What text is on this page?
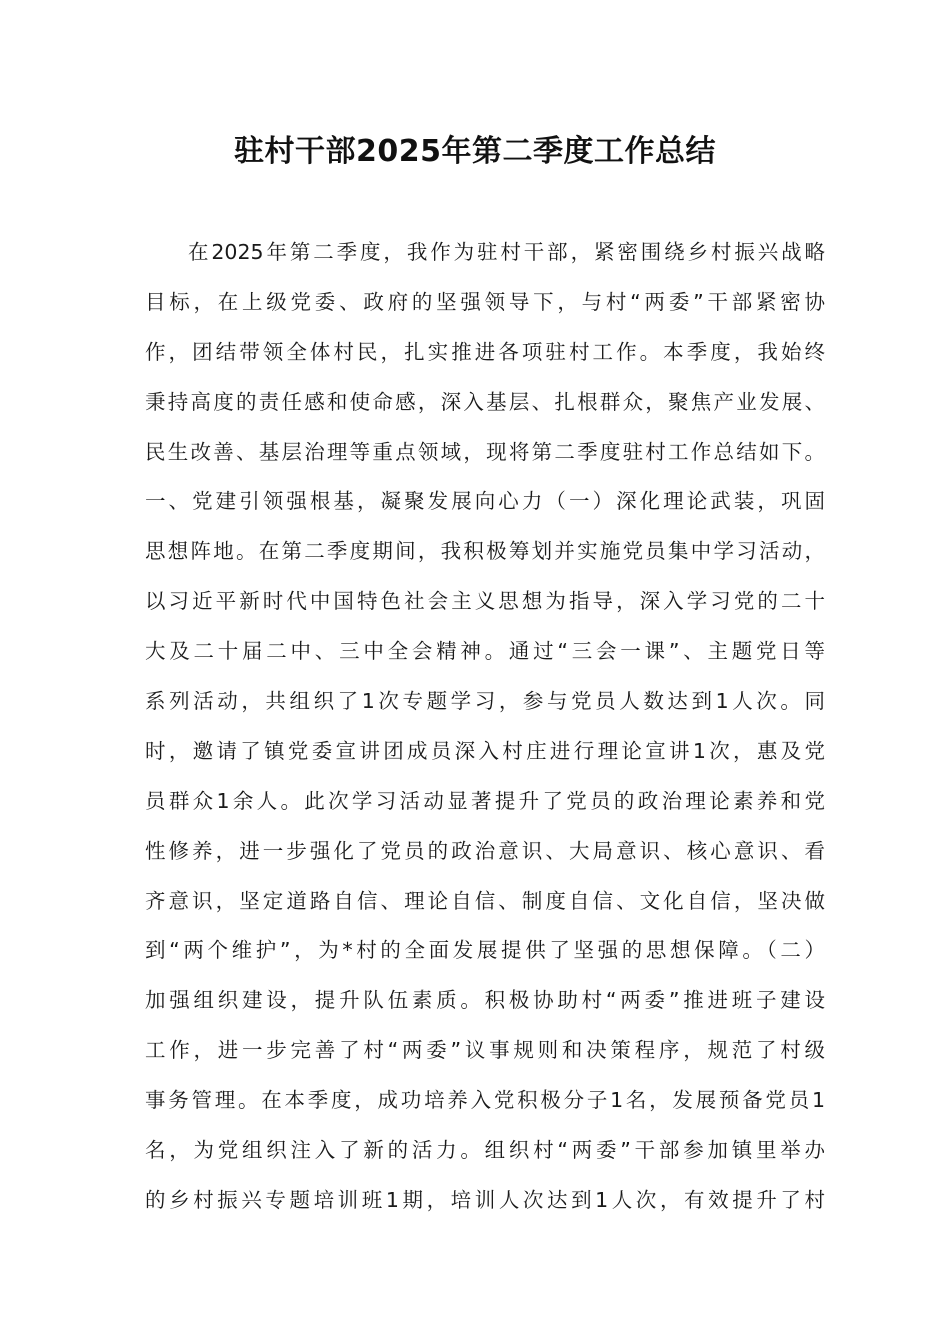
驻村干部2025年第二季度工作总结
在2025年第二季度，我作为驻村干部，紧密围绕乡村振兴战略
目标，在上级党委、政府的坚强领导下，与村“两委”干部紧密协
作，团结带领全体村民，扎实推进各项驻村工作。本季度，我始终
秉持高度的责任感和使命感，深入基层、扎根群众，聚焦产业发展、
民生改善、基层治理等重点领域，现将第二季度驻村工作总结如下。
一、党建引领强根基，凝聚发展向心力（一）深化理论武装，巩固
思想阵地。在第二季度期间，我积极筹划并实施党员集中学习活动，
以习近平新时代中国特色社会主义思想为指导，深入学习党的二十
大及二十届二中、三中全会精神。通过“三会一课”、主题党日等
系列活动，共组织了1次专题学习，参与党员人数达到1人次。同
时，邀请了镇党委宣讲团成员深入村庄进行理论宣讲1次，惠及党
员群众1余人。此次学习活动显著提升了党员的政治理论素养和党
性修养，进一步强化了党员的政治意识、大局意识、核心意识、看
齐意识，坚定道路自信、理论自信、制度自信、文化自信，坚决做
到“两个维护”，为*村的全面发展提供了坚强的思想保障。（二）
加强组织建设，提升队伍素质。积极协助村“两委”推进班子建设
工作，进一步完善了村“两委”议事规则和决策程序，规范了村级
事务管理。在本季度，成功培养入党积极分子1名，发展预备党员1
名，为党组织注入了新的活力。组织村“两委”干部参加镇里举办
的乡村振兴专题培训班1期，培训人次达到1人次，有效提升了村
